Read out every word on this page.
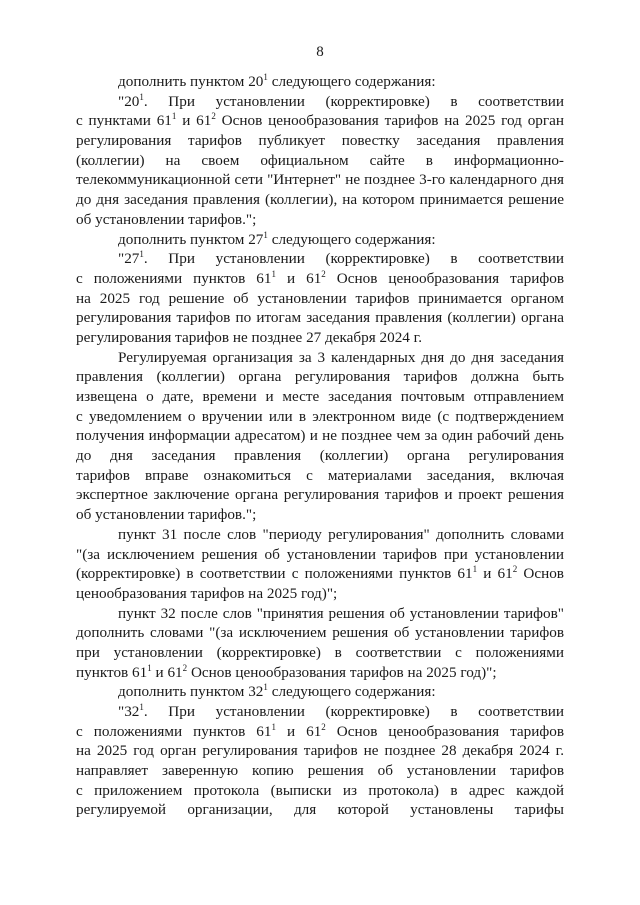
8
дополнить пунктом $20^1$ следующего содержания:
"$20^1$. При установлении (корректировке) в соответствии
с пунктами $61^1$ и $61^2$ Основ ценообразования тарифов на 2025 год орган
регулирования тарифов публикует повестку заседания правления
(коллегии) на своем официальном сайте в информационно-
телекоммуникационной сети "Интернет" не позднее 3-го календарного дня
до дня заседания правления (коллегии), на котором принимается решение
об установлении тарифов.";
дополнить пунктом $27^1$ следующего содержания:
"$27^1$. При установлении (корректировке) в соответствии
с положениями пунктов $61^1$ и $61^2$ Основ ценообразования тарифов
на 2025 год решение об установлении тарифов принимается органом
регулирования тарифов по итогам заседания правления (коллегии) органа
регулирования тарифов не позднее 27 декабря 2024 г.
Регулируемая организация за 3 календарных дня до дня заседания
правления (коллегии) органа регулирования тарифов должна быть
извещена о дате, времени и месте заседания почтовым отправлением
с уведомлением о вручении или в электронном виде (с подтверждением
получения информации адресатом) и не позднее чем за один рабочий день
до дня заседания правления (коллегии) органа регулирования
тарифов вправе ознакомиться с материалами заседания, включая
экспертное заключение органа регулирования тарифов и проект решения
об установлении тарифов.";
пункт 31 после слов "периоду регулирования" дополнить словами
"(за исключением решения об установлении тарифов при установлении
(корректировке) в соответствии с положениями пунктов $61^1$ и $61^2$ Основ
ценообразования тарифов на 2025 год)";
пункт 32 после слов "принятия решения об установлении тарифов"
дополнить словами "(за исключением решения об установлении тарифов
при установлении (корректировке) в соответствии с положениями
пунктов $61^1$ и $61^2$ Основ ценообразования тарифов на 2025 год)";
дополнить пунктом $32^1$ следующего содержания:
"$32^1$. При установлении (корректировке) в соответствии
с положениями пунктов $61^1$ и $61^2$ Основ ценообразования тарифов
на 2025 год орган регулирования тарифов не позднее 28 декабря 2024 г.
направляет заверенную копию решения об установлении тарифов
с приложением протокола (выписки из протокола) в адрес каждой
регулируемой организации, для которой установлены тарифы
